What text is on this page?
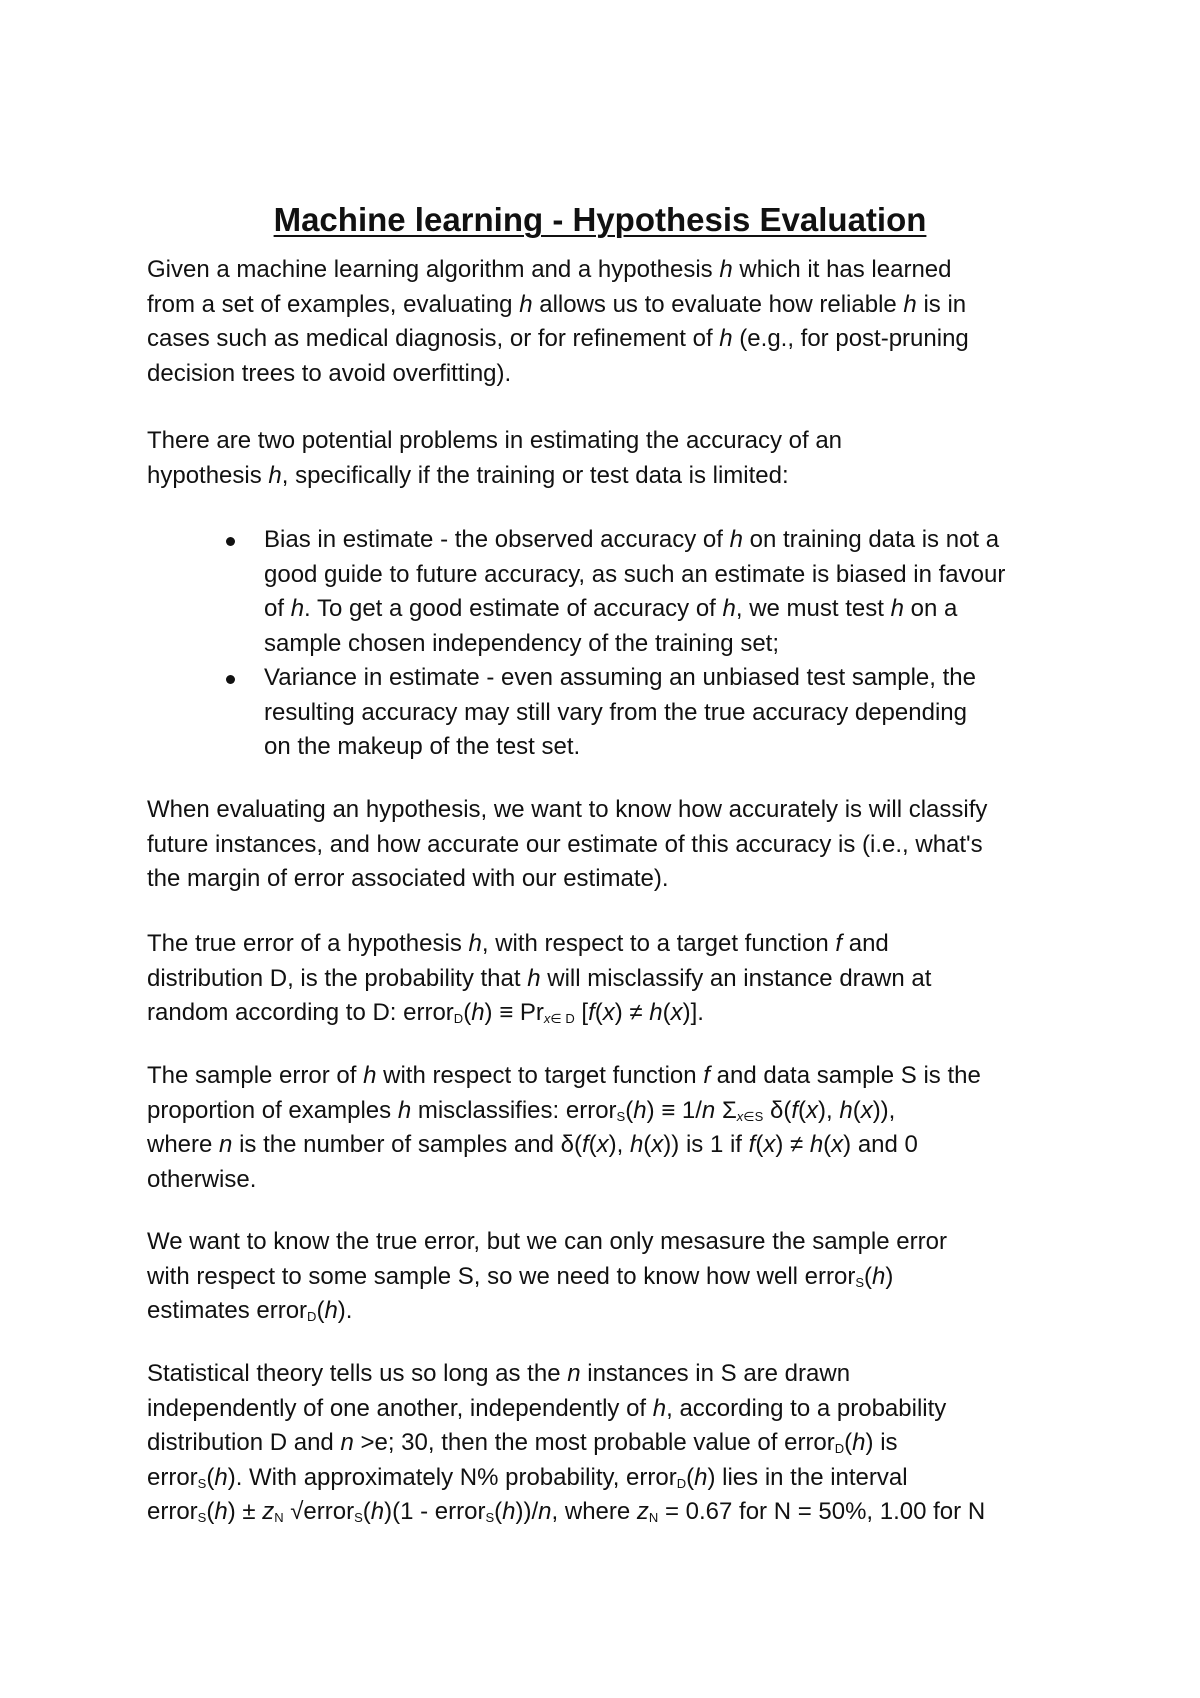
Machine learning - Hypothesis Evaluation

Given a machine learning algorithm and a hypothesis h which it has learned
from a set of examples, evaluating h allows us to evaluate how reliable h is in
cases such as medical diagnosis, or for refinement of h (e.g., for post-pruning
decision trees to avoid overfitting).

There are two potential problems in estimating the accuracy of an
hypothesis h, specifically if the training or test data is limited:

Bias in estimate - the observed accuracy of h on training data is not a
good guide to future accuracy, as such an estimate is biased in favour
of h. To get a good estimate of accuracy of h, we must test h on a
sample chosen independency of the training set;
Variance in estimate - even assuming an unbiased test sample, the
resulting accuracy may still vary from the true accuracy depending
on the makeup of the test set.

When evaluating an hypothesis, we want to know how accurately is will classify
future instances, and how accurate our estimate of this accuracy is (i.e., what's
the margin of error associated with our estimate).

The true error of a hypothesis h, with respect to a target function f and
distribution D, is the probability that h will misclassify an instance drawn at
random according to D: error$_D$(h) ≡ $Pr_{x\in D}$ [f(x) ≠ h(x)].

The sample error of h with respect to target function f and data sample S is the
proportion of examples h misclassifies: error$_S$(h) ≡ 1/n $\Sigma_{x\in S}$ δ(f(x), h(x)),
where n is the number of samples and δ(f(x), h(x)) is 1 if f(x) ≠ h(x) and 0
otherwise.

We want to know the true error, but we can only mesasure the sample error
with respect to some sample S, so we need to know how well error$_S$(h)
estimates error$_D$(h).

Statistical theory tells us so long as the n instances in S are drawn
independently of one another, independently of h, according to a probability
distribution D and n >e; 30, then the most probable value of error$_D$(h) is
error$_S$(h). With approximately N% probability, error$_D$(h) lies in the interval
error$_S$(h) ± $z_N$ √error$_S$(h)(1 - error$_S$(h))/n, where $z_N = 0.67$ for N = 50%, 1.00 for N
